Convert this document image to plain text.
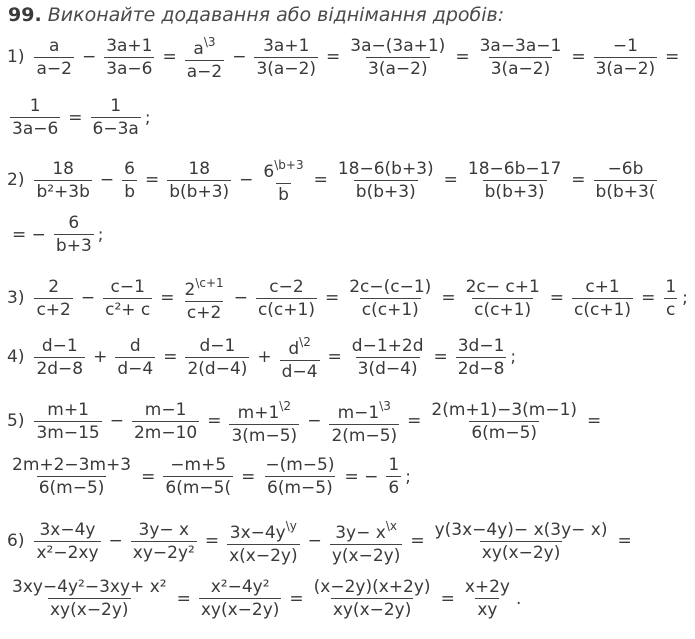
99. Виконайте додавання або віднімання дробів:
$1) \frac{a}{a-2} - \frac{3a+1}{3a-6} = \frac{a^{\backslash 3}}{a-2} - \frac{3a+1}{3(a-2)} = \frac{3a-(3a+1)}{3(a-2)} = \frac{3a-3a-1}{3(a-2)} = \frac{-1}{3(a-2)}$ =
$\frac{1}{3a-6} = \frac{1}{6-3a}$ ;
$2) \frac{18}{\text{b²+3b}} - \frac{6}{b} = \frac{18}{b(b+3)} - \frac{6^{\backslash b+3}}{b} = \frac{18-6(b+3)}{b(b+3)} = \frac{18-6b-17}{b(b+3)} = \frac{-6b}{b(b+3(}$
= − $\frac{6}{b+3}$ ;
$3) \frac{2}{c+2} - \frac{c-1}{\text{c²+ c}} = \frac{2^{\backslash c+1}}{c+2} - \frac{c-2}{c(c+1)} = \frac{2c-(c-1)}{c(c+1)} = \frac{2c- c+1}{c(c+1)} = \frac{c+1}{c(c+1)} = \frac{1}{c}$ ;
$4) \frac{d-1}{2d-8} + \frac{d}{d-4} = \frac{d-1}{2(d-4)} + \frac{d^{\backslash 2}}{d-4} = \frac{d-1+2d}{3(d-4)} = \frac{3d-1}{2d-8}$ ;
$5) \frac{m+1}{3m-15} - \frac{m-1}{2m-10} = \frac{m+1^{\backslash 2}}{3(m-5)} - \frac{m-1^{\backslash 3}}{2(m-5)} = \frac{2(m+1)-3(m-1)}{6(m-5)}$ =
$\frac{2m+2-3m+3}{6(m-5)} = \frac{-m+5}{6(m-5(} = \frac{-(m-5)}{6(m-5)}$ = − $\frac{1}{6}$ ;
$6) \frac{3x-4y}{\text{x²−2xy}} - \frac{3y- x}{\text{xy−2y²}} = \frac{3x-4y^{\backslash y}}{x(x-2y)} - \frac{3y- x^{\backslash x}}{y(x-2y)} = \frac{y(3x-4y)- x(3y- x)}{xy(x-2y)}$ =
$\frac{\text{3xy−4y²−3xy+ x²}}{xy(x-2y)} = \frac{\text{x²−4y²}}{xy(x-2y)} = \frac{(x-2y)(x+2y)}{xy(x-2y)} = \frac{x+2y}{xy}$ .
